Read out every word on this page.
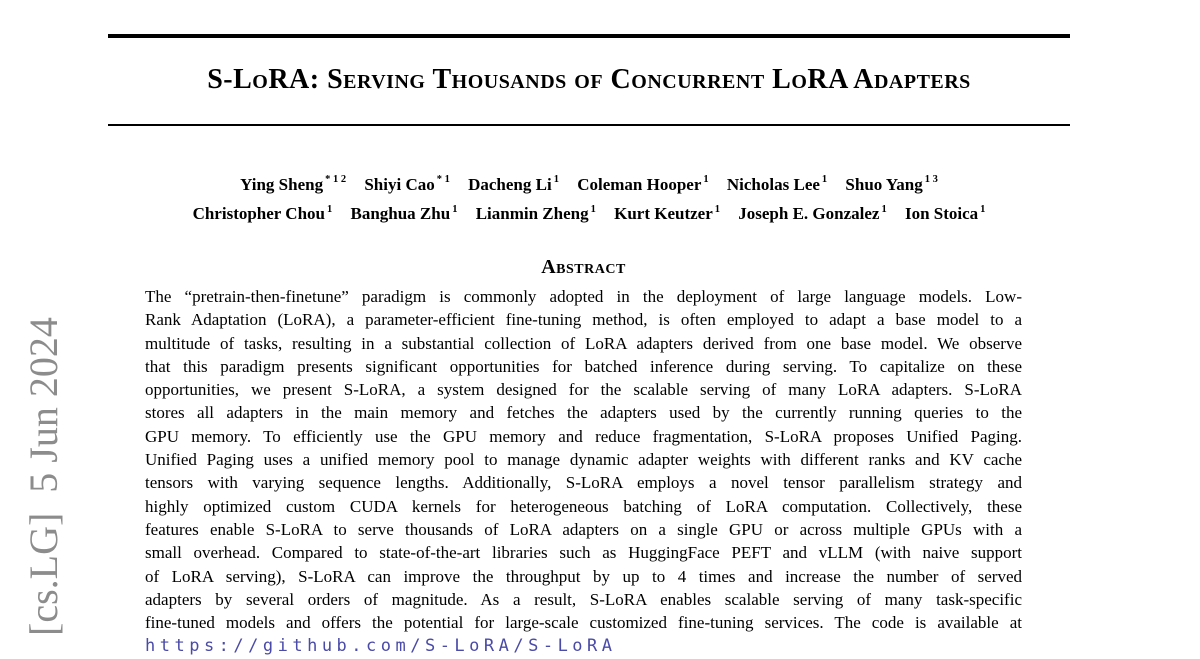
[cs.LG]  5 Jun 2024
S-LoRA: Serving Thousands of Concurrent LoRA Adapters
Ying Sheng $^{* 1 2}$ Shiyi Cao $^{* 1}$ Dacheng Li $^1$ Coleman Hooper $^1$ Nicholas Lee $^1$ Shuo Yang $^{1 3}$
Christopher Chou $^1$ Banghua Zhu $^1$ Lianmin Zheng $^1$ Kurt Keutzer $^1$ Joseph E. Gonzalez $^1$ Ion Stoica $^1$
Abstract
The “pretrain-then-finetune” paradigm is commonly adopted in the deployment of large language models. Low-
Rank Adaptation (LoRA), a parameter-efficient fine-tuning method, is often employed to adapt a base model to a
multitude of tasks, resulting in a substantial collection of LoRA adapters derived from one base model. We observe
that this paradigm presents significant opportunities for batched inference during serving. To capitalize on these
opportunities, we present S-LoRA, a system designed for the scalable serving of many LoRA adapters. S-LoRA
stores all adapters in the main memory and fetches the adapters used by the currently running queries to the
GPU memory. To efficiently use the GPU memory and reduce fragmentation, S-LoRA proposes Unified Paging.
Unified Paging uses a unified memory pool to manage dynamic adapter weights with different ranks and KV cache
tensors with varying sequence lengths. Additionally, S-LoRA employs a novel tensor parallelism strategy and
highly optimized custom CUDA kernels for heterogeneous batching of LoRA computation. Collectively, these
features enable S-LoRA to serve thousands of LoRA adapters on a single GPU or across multiple GPUs with a
small overhead. Compared to state-of-the-art libraries such as HuggingFace PEFT and vLLM (with naive support
of LoRA serving), S-LoRA can improve the throughput by up to 4 times and increase the number of served
adapters by several orders of magnitude. As a result, S-LoRA enables scalable serving of many task-specific
fine-tuned models and offers the potential for large-scale customized fine-tuning services. The code is available at
https://github.com/S-LoRA/S-LoRA
